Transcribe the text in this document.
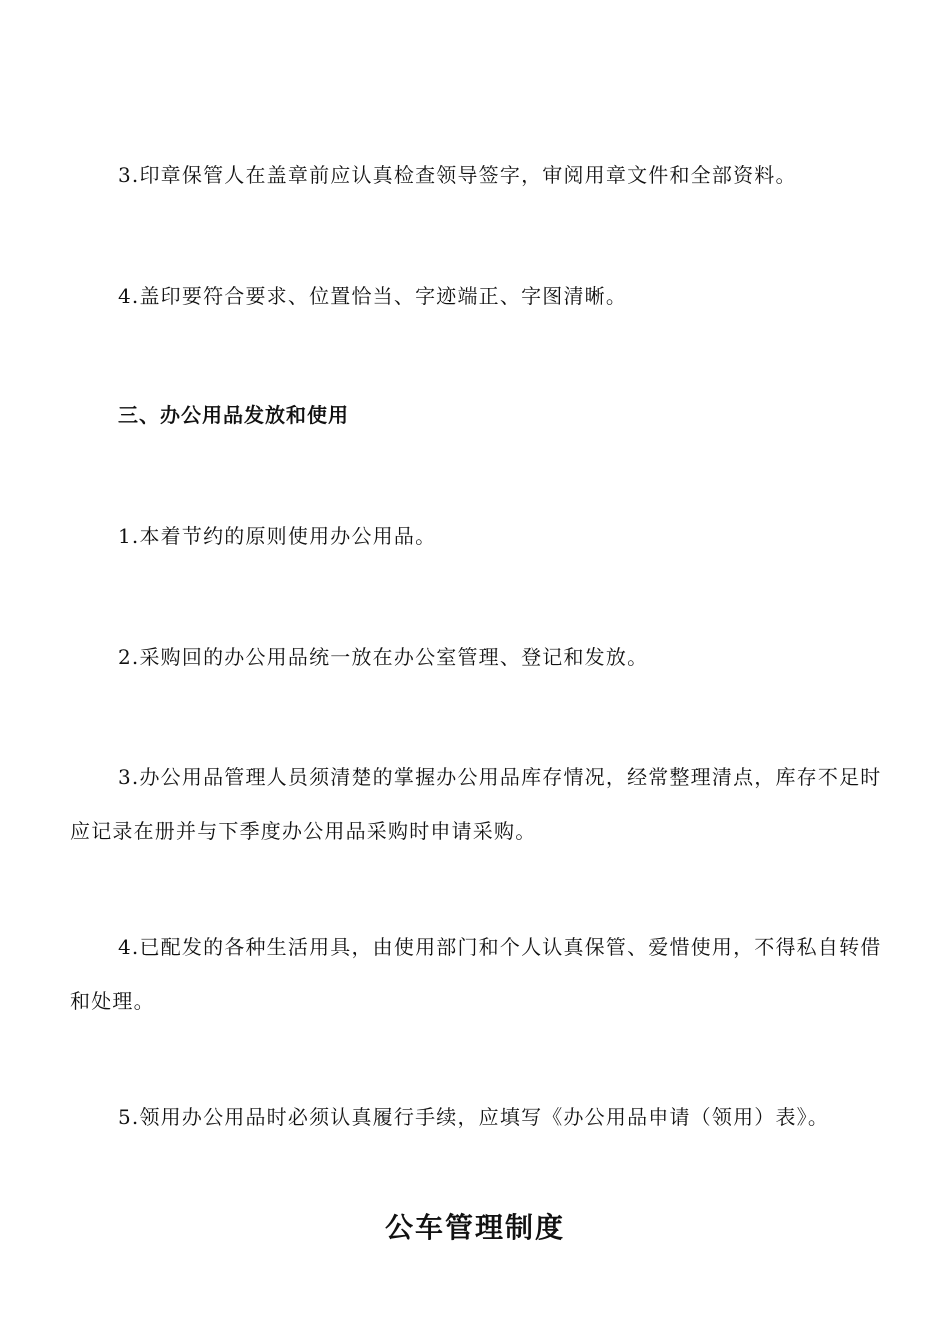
3.印章保管人在盖章前应认真检查领导签字，审阅用章文件和全部资料。

4.盖印要符合要求、位置恰当、字迹端正、字图清晰。

三、办公用品发放和使用

1.本着节约的原则使用办公用品。

2.采购回的办公用品统一放在办公室管理、登记和发放。

3.办公用品管理人员须清楚的掌握办公用品库存情况，经常整理清点，库存不足时应记录在册并与下季度办公用品采购时申请采购。

4.已配发的各种生活用具，由使用部门和个人认真保管、爱惜使用，不得私自转借和处理。

5.领用办公用品时必须认真履行手续，应填写《办公用品申请（领用）表》。

公车管理制度
